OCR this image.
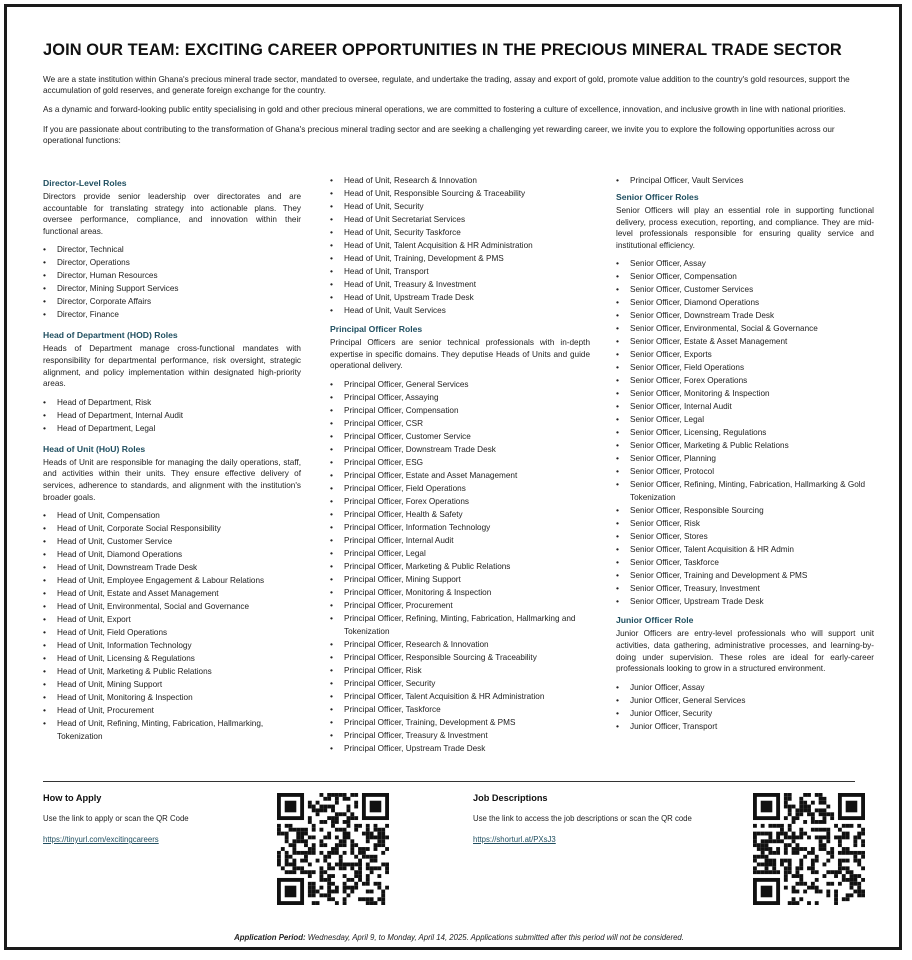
JOIN OUR TEAM: EXCITING CAREER OPPORTUNITIES IN THE PRECIOUS MINERAL TRADE SECTOR

We are a state institution within Ghana's precious mineral trade sector, mandated to oversee, regulate, and undertake the trading, assay and export of gold, promote value addition to the country's gold resources, support the accumulation of gold reserves, and generate foreign exchange for the country.

As a dynamic and forward-looking public entity specialising in gold and other precious mineral operations, we are committed to fostering a culture of excellence, innovation, and inclusive growth in line with national priorities.

If you are passionate about contributing to the transformation of Ghana's precious mineral trading sector and are seeking a challenging yet rewarding career, we invite you to explore the following opportunities across our operational functions:

Director-Level Roles
Directors provide senior leadership over directorates and are accountable for translating strategy into actionable plans. They oversee performance, compliance, and innovation within their functional areas.
• Director, Technical
• Director, Operations
• Director, Human Resources
• Director, Mining Support Services
• Director, Corporate Affairs
• Director, Finance
Head of Department (HOD) Roles
Heads of Department manage cross-functional mandates with responsibility for departmental performance, risk oversight, strategic alignment, and policy implementation within designated high-priority areas.
• Head of Department, Risk
• Head of Department, Internal Audit
• Head of Department, Legal
Head of Unit (HoU) Roles
Heads of Unit are responsible for managing the daily operations, staff, and activities within their units. They ensure effective delivery of services, adherence to standards, and alignment with the institution's broader goals.
• Head of Unit, Compensation
• Head of Unit, Corporate Social Responsibility
• Head of Unit, Customer Service
• Head of Unit, Diamond Operations
• Head of Unit, Downstream Trade Desk
• Head of Unit, Employee Engagement & Labour Relations
• Head of Unit, Estate and Asset Management
• Head of Unit, Environmental, Social and Governance
• Head of Unit, Export
• Head of Unit, Field Operations
• Head of Unit, Information Technology
• Head of Unit, Licensing & Regulations
• Head of Unit, Marketing & Public Relations
• Head of Unit, Mining Support
• Head of Unit, Monitoring & Inspection
• Head of Unit, Procurement
• Head of Unit, Refining, Minting, Fabrication, Hallmarking, Tokenization
• Head of Unit, Research & Innovation
• Head of Unit, Responsible Sourcing & Traceability
• Head of Unit, Security
• Head of Unit Secretariat Services
• Head of Unit, Security Taskforce
• Head of Unit, Talent Acquisition & HR Administration
• Head of Unit, Training, Development & PMS
• Head of Unit, Transport
• Head of Unit, Treasury & Investment
• Head of Unit, Upstream Trade Desk
• Head of Unit, Vault Services
Principal Officer Roles
Principal Officers are senior technical professionals with in-depth expertise in specific domains. They deputise Heads of Units and guide operational delivery.
• Principal Officer, General Services
• Principal Officer, Assaying
• Principal Officer, Compensation
• Principal Officer, CSR
• Principal Officer, Customer Service
• Principal Officer, Downstream Trade Desk
• Principal Officer, ESG
• Principal Officer, Estate and Asset Management
• Principal Officer, Field Operations
• Principal Officer, Forex Operations
• Principal Officer, Health & Safety
• Principal Officer, Information Technology
• Principal Officer, Internal Audit
• Principal Officer, Legal
• Principal Officer, Marketing & Public Relations
• Principal Officer, Mining Support
• Principal Officer, Monitoring & Inspection
• Principal Officer, Procurement
• Principal Officer, Refining, Minting, Fabrication, Hallmarking and Tokenization
• Principal Officer, Research & Innovation
• Principal Officer, Responsible Sourcing & Traceability
• Principal Officer, Risk
• Principal Officer, Security
• Principal Officer, Talent Acquisition & HR Administration
• Principal Officer, Taskforce
• Principal Officer, Training, Development & PMS
• Principal Officer, Treasury & Investment
• Principal Officer, Upstream Trade Desk
• Principal Officer, Vault Services
Senior Officer Roles
Senior Officers will play an essential role in supporting functional delivery, process execution, reporting, and compliance. They are mid-level professionals responsible for ensuring quality service and institutional efficiency.
• Senior Officer, Assay
• Senior Officer, Compensation
• Senior Officer, Customer Services
• Senior Officer, Diamond Operations
• Senior Officer, Downstream Trade Desk
• Senior Officer, Environmental, Social & Governance
• Senior Officer, Estate & Asset Management
• Senior Officer, Exports
• Senior Officer, Field Operations
• Senior Officer, Forex Operations
• Senior Officer, Monitoring & Inspection
• Senior Officer, Internal Audit
• Senior Officer, Legal
• Senior Officer, Licensing, Regulations
• Senior Officer, Marketing & Public Relations
• Senior Officer, Planning
• Senior Officer, Protocol
• Senior Officer, Refining, Minting, Fabrication, Hallmarking & Gold Tokenization
• Senior Officer, Responsible Sourcing
• Senior Officer, Risk
• Senior Officer, Stores
• Senior Officer, Talent Acquisition & HR Admin
• Senior Officer, Taskforce
• Senior Officer, Training and Development & PMS
• Senior Officer, Treasury, Investment
• Senior Officer, Upstream Trade Desk
Junior Officer Role
Junior Officers are entry-level professionals who will support unit activities, data gathering, administrative processes, and learning-by-doing under supervision. These roles are ideal for early-career professionals looking to grow in a structured environment.
• Junior Officer, Assay
• Junior Officer, General Services
• Junior Officer, Security
• Junior Officer, Transport
How to Apply
Use the link to apply or scan the QR Code
https://tinyurl.com/excitingcareers
Job Descriptions
Use the link to access the job descriptions or scan the QR code
https://shorturl.at/PXsJ3
Application Period: Wednesday, April 9, to Monday, April 14, 2025. Applications submitted after this period will not be considered.
